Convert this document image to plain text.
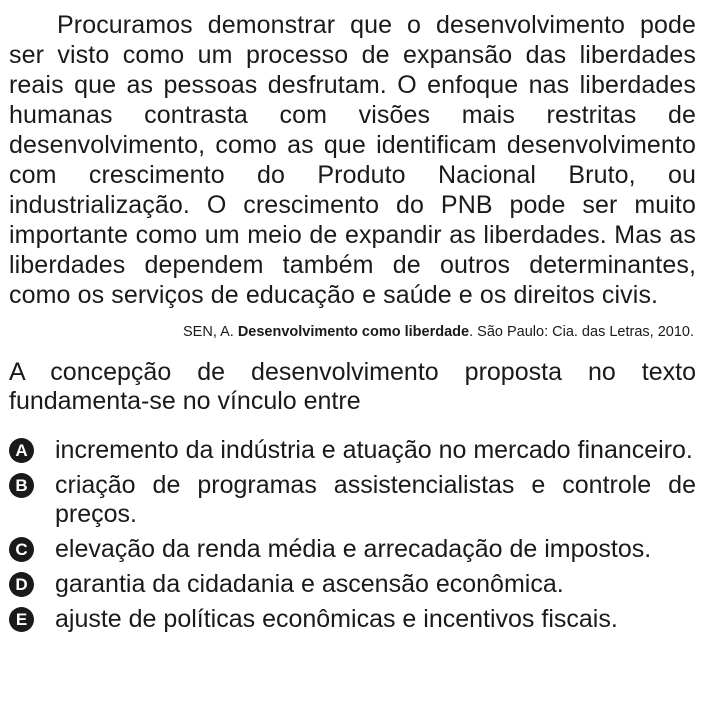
Procuramos demonstrar que o desenvolvimento pode ser visto como um processo de expansão das liberdades reais que as pessoas desfrutam. O enfoque nas liberdades humanas contrasta com visões mais restritas de desenvolvimento, como as que identificam desenvolvimento com crescimento do Produto Nacional Bruto, ou industrialização. O crescimento do PNB pode ser muito importante como um meio de expandir as liberdades. Mas as liberdades dependem também de outros determinantes, como os serviços de educação e saúde e os direitos civis.

SEN, A. Desenvolvimento como liberdade. São Paulo: Cia. das Letras, 2010.

A concepção de desenvolvimento proposta no texto fundamenta-se no vínculo entre

A incremento da indústria e atuação no mercado financeiro.
B criação de programas assistencialistas e controle de preços.
C elevação da renda média e arrecadação de impostos.
D garantia da cidadania e ascensão econômica.
E ajuste de políticas econômicas e incentivos fiscais.
